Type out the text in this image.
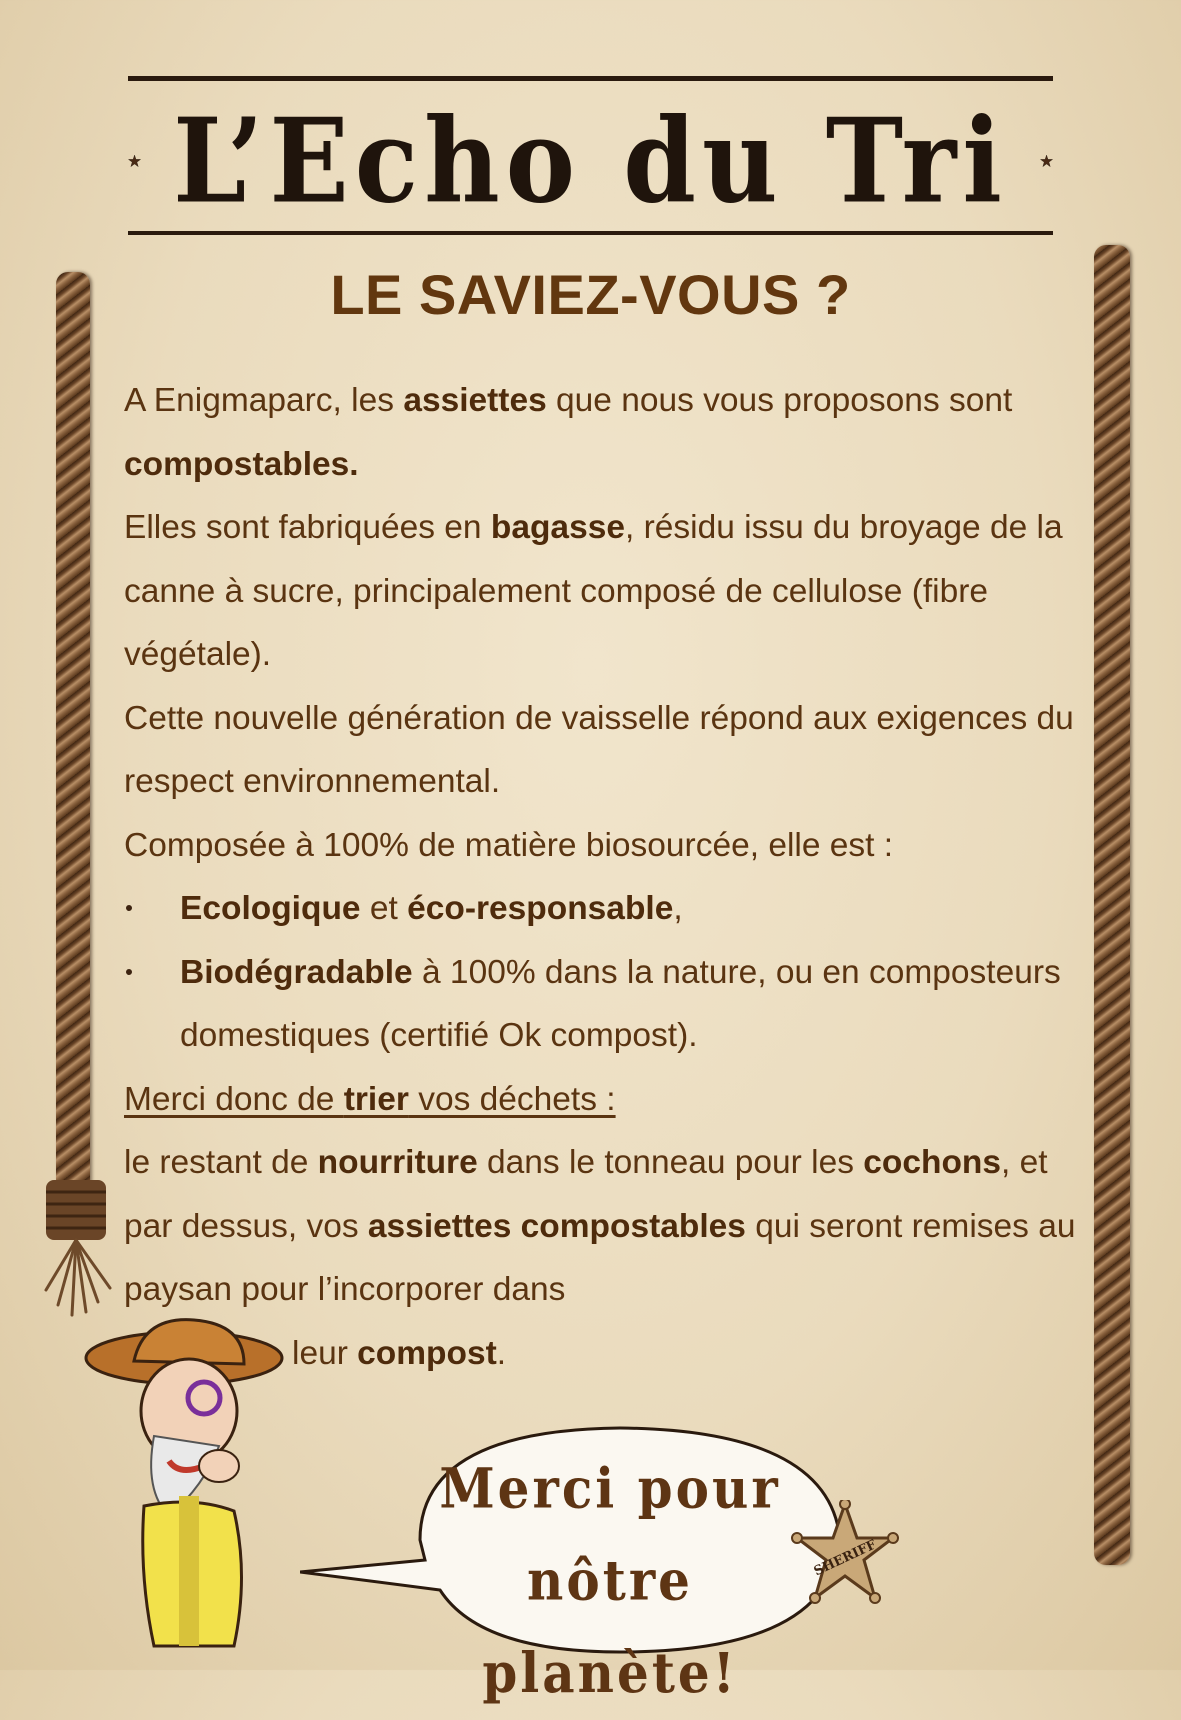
L’Echo du Tri
LE SAVIEZ-VOUS ?

A Enigmaparc, les assiettes que nous vous proposons sont compostables.

Elles sont fabriquées en bagasse, résidu issu du broyage de la canne à sucre, principalement composé de cellulose (fibre végétale).

Cette nouvelle génération de vaisselle répond aux exigences du respect environnemental.

Composée à 100% de matière biosourcée, elle est :

Ecologique et éco-responsable,
Biodégradable à 100% dans la nature, ou en composteurs domestiques (certifié Ok compost).

Merci donc de trier vos déchets :

le restant de nourriture dans le tonneau pour les cochons, et par dessus, vos assiettes compostables qui seront remises au paysan pour l’incorporer dans

leur compost.

Merci pour
nôtre planète!
SHERIFF
